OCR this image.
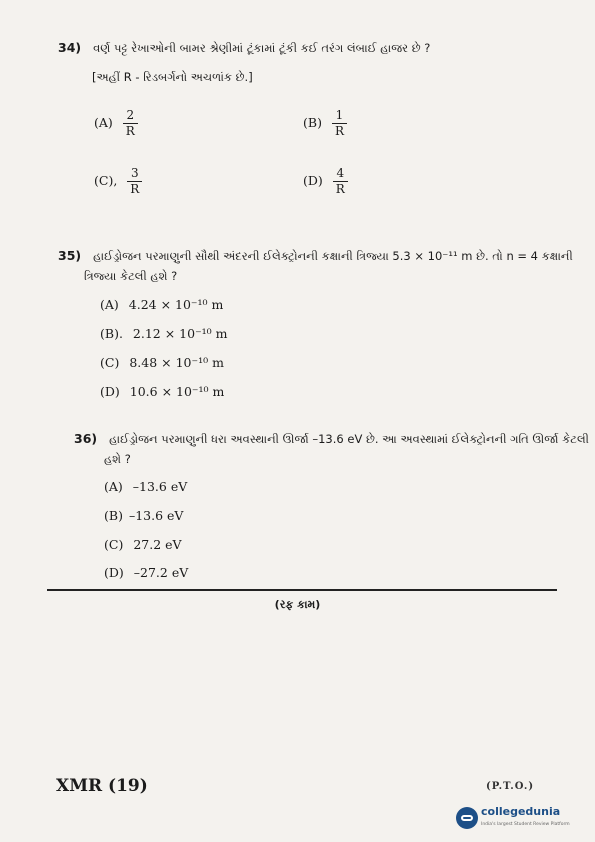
34) વર્ણ પટ્ટ રેખાઓની બામર શ્રેણીમાં ટૂંકામાં ટૂંકી કઈ તરંગ લંબાઈ હાજર છે ?
[અહીં R - રિડબર્ગનો અચળાંક છે.]
$(A) \frac{2}{R}$	$(B) \frac{1}{R}$
(C), $\frac{3}{R}$	$(D) \frac{4}{R}$
35) હાઈડ્રોજન પરમાણુની સૌથી અંદરની ઈલેક્ટ્રોનની કક્ષાની ત્રિજ્યા 5.3 × 10⁻¹¹ m છે. તો n = 4 કક્ષાની
ત્રિજ્યા કેટલી હશે ?
(A) 4.24 × 10⁻¹⁰ m
(B). 2.12 × 10⁻¹⁰ m
(C) 8.48 × 10⁻¹⁰ m
(D) 10.6 × 10⁻¹⁰ m
36) હાઈડ્રોજન પરમાણુની ધરા અવસ્થાની ઊર્જા –13.6 eV છે. આ અવસ્થામાં ઈલેક્ટ્રોનની ગતિ ઊર્જા કેટલી
હશે ?
(A) –13.6 eV
(B) –13.6 eV
(C) 27.2 eV
(D) –27.2 eV
(રફ કામ)
XMR (19)	(P.T.O.)
collegedunia
India's largest Student Review Platform
